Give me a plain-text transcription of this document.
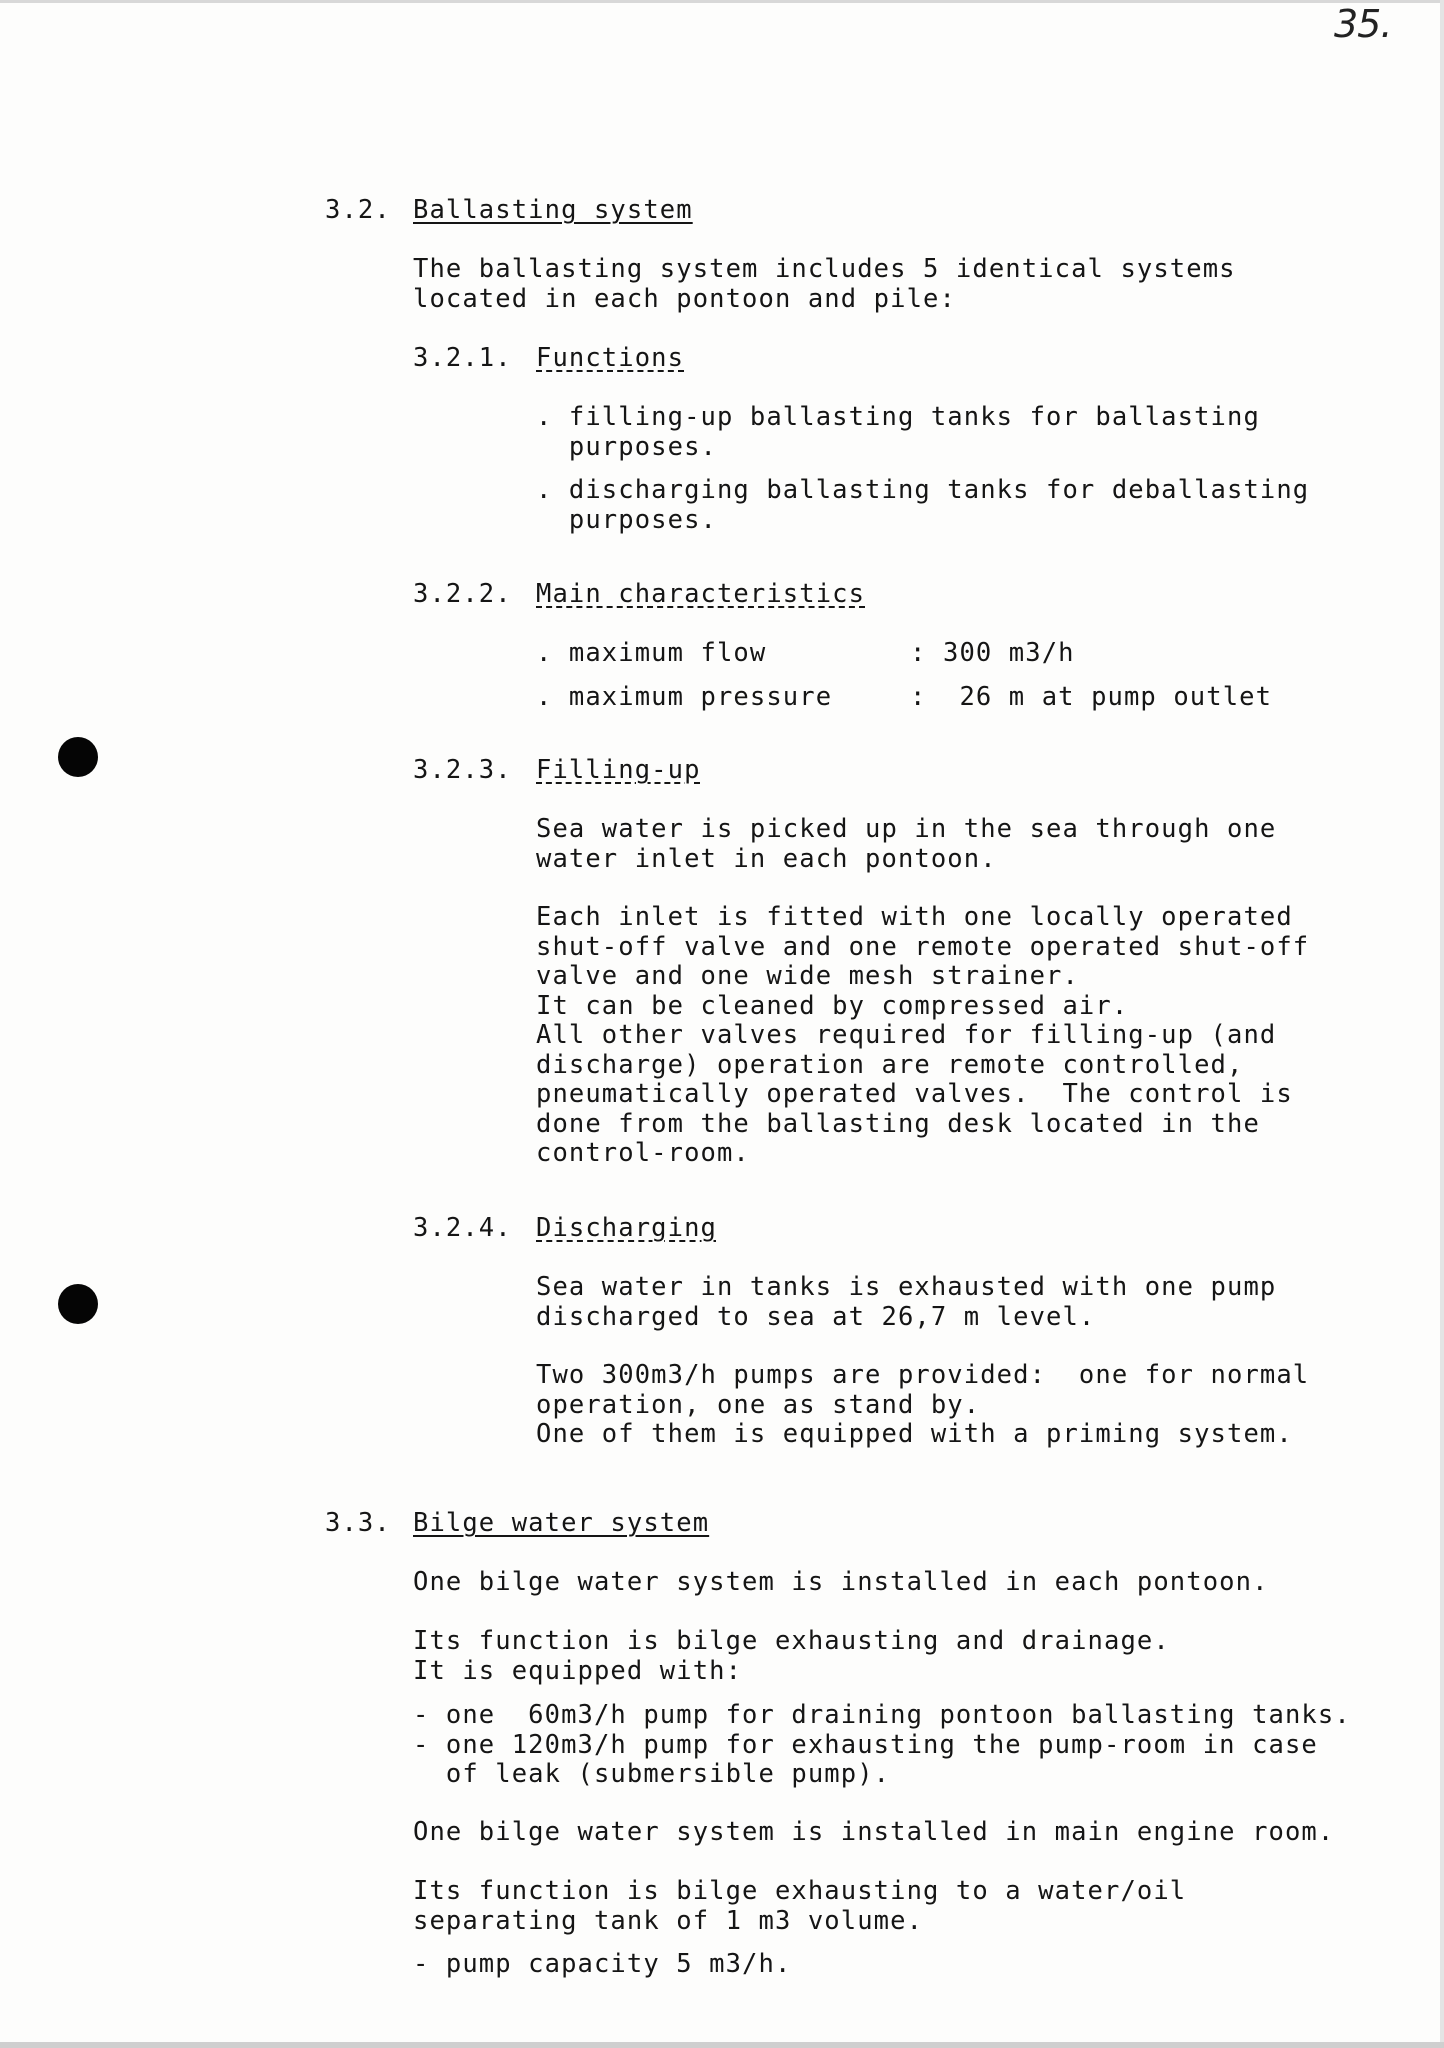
35.
3.2. Ballasting system
The ballasting system includes 5 identical systems
located in each pontoon and pile:
3.2.1. Functions
. filling-up ballasting tanks for ballasting
purposes.
. discharging ballasting tanks for deballasting
purposes.
3.2.2. Main characteristics
. maximum flow	: 300 m3/h
. maximum pressure	: 26 m at pump outlet
3.2.3. Filling-up
Sea water is picked up in the sea through one
water inlet in each pontoon.
Each inlet is fitted with one locally operated
shut-off valve and one remote operated shut-off
valve and one wide mesh strainer.
It can be cleaned by compressed air.
All other valves required for filling-up (and
discharge) operation are remote controlled,
pneumatically operated valves.  The control is
done from the ballasting desk located in the
control-room.
3.2.4. Discharging
Sea water in tanks is exhausted with one pump
discharged to sea at 26,7 m level.
Two 300m3/h pumps are provided:  one for normal
operation, one as stand by.
One of them is equipped with a priming system.
3.3. Bilge water system
One bilge water system is installed in each pontoon.
Its function is bilge exhausting and drainage.
It is equipped with:
- one  60m3/h pump for draining pontoon ballasting tanks.
- one 120m3/h pump for exhausting the pump-room in case
of leak (submersible pump).
One bilge water system is installed in main engine room.
Its function is bilge exhausting to a water/oil
separating tank of 1 m3 volume.
- pump capacity 5 m3/h.
